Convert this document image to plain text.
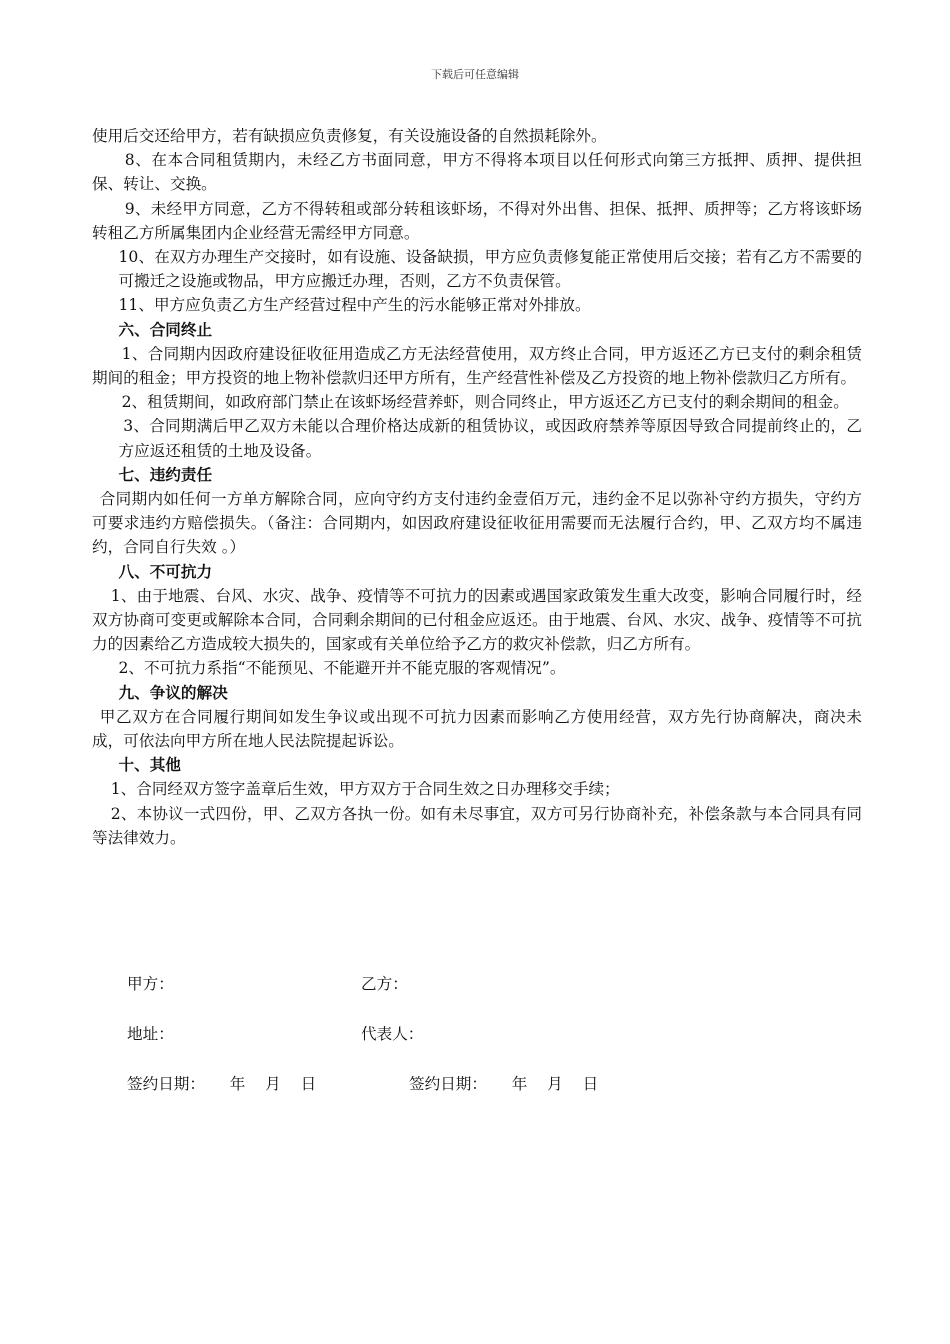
下载后可任意编辑

使用后交还给甲方，若有缺损应负责修复，有关设施设备的自然损耗除外。

8、在本合同租赁期内，未经乙方书面同意，甲方不得将本项目以任何形式向第三方抵押、质押、提供担保、转让、交换。

9、未经甲方同意，乙方不得转租或部分转租该虾场，不得对外出售、担保、抵押、质押等；乙方将该虾场转租乙方所属集团内企业经营无需经甲方同意。

10、在双方办理生产交接时，如有设施、设备缺损，甲方应负责修复能正常使用后交接；若有乙方不需要的可搬迁之设施或物品，甲方应搬迁办理，否则，乙方不负责保管。

11、甲方应负责乙方生产经营过程中产生的污水能够正常对外排放。

六、合同终止

1、合同期内因政府建设征收征用造成乙方无法经营使用，双方终止合同，甲方返还乙方已支付的剩余租赁期间的租金；甲方投资的地上物补偿款归还甲方所有，生产经营性补偿及乙方投资的地上物补偿款归乙方所有。

2、租赁期间，如政府部门禁止在该虾场经营养虾，则合同终止，甲方返还乙方已支付的剩余期间的租金。

3、合同期满后甲乙双方未能以合理价格达成新的租赁协议，或因政府禁养等原因导致合同提前终止的，乙方应返还租赁的土地及设备。

七、违约责任

合同期内如任何一方单方解除合同，应向守约方支付违约金壹佰万元，违约金不足以弥补守约方损失，守约方可要求违约方赔偿损失。（备注：合同期内，如因政府建设征收征用需要而无法履行合约，甲、乙双方均不属违约，合同自行失效 。）

八、不可抗力

1、由于地震、台风、水灾、战争、疫情等不可抗力的因素或遇国家政策发生重大改变，影响合同履行时，经双方协商可变更或解除本合同，合同剩余期间的已付租金应返还。由于地震、台风、水灾、战争、疫情等不可抗力的因素给乙方造成较大损失的，国家或有关单位给予乙方的救灾补偿款，归乙方所有。

2、不可抗力系指“不能预见、不能避开并不能克服的客观情况”。

九、争议的解决

甲乙双方在合同履行期间如发生争议或出现不可抗力因素而影响乙方使用经营，双方先行协商解决，商决未成，可依法向甲方所在地人民法院提起诉讼。

十、其他

1、合同经双方签字盖章后生效，甲方双方于合同生效之日办理移交手续；

2、本协议一式四份，甲、乙双方各执一份。如有未尽事宜，双方可另行协商补充，补偿条款与本合同具有同等法律效力。

甲方：	乙方：
地址：	代表人：
签约日期：     年    月    日	签约日期：     年    月    日
